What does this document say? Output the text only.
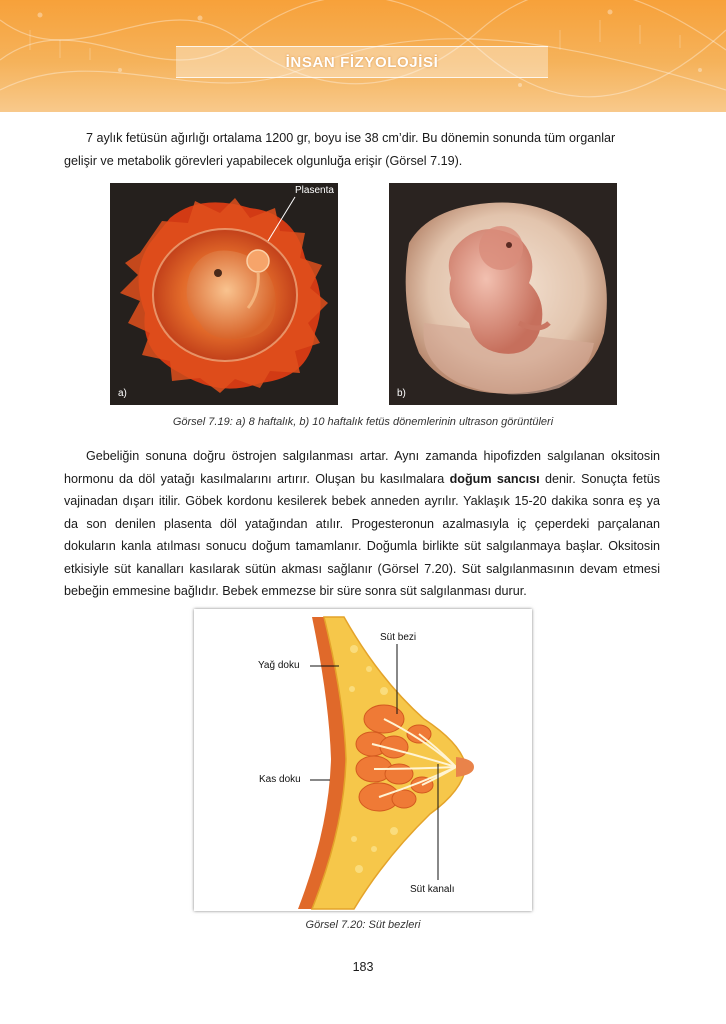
İNSAN FİZYOLOJİSİ

7 aylık fetüsün ağırlığı ortalama 1200 gr, boyu ise 38 cm’dir. Bu dönemin sonunda tüm organlar
gelişir ve metabolik görevleri yapabilecek olgunluğa erişir (Görsel 7.19).

Plasenta
a)	b)
Görsel 7.19: a) 8 haftalık, b) 10 haftalık fetüs dönemlerinin ultrason görüntüleri

Gebeliğin sonuna doğru östrojen salgılanması artar. Aynı zamanda hipofizden salgılanan oksitosin hormonu da döl yatağı kasılmalarını artırır. Oluşan bu kasılmalara doğum sancısı denir. Sonuçta fetüs vajinadan dışarı itilir. Göbek kordonu kesilerek bebek anneden ayrılır. Yaklaşık 15-20 dakika sonra eş ya da son denilen plasenta döl yatağından atılır. Progesteronun azalmasıyla iç çeperdeki parçalanan dokuların kanla atılması sonucu doğum tamamlanır. Doğumla birlikte süt salgılanmaya başlar. Oksitosin etkisiyle süt kanalları kasılarak sütün akması sağlanır (Görsel 7.20). Süt salgılanmasının devam etmesi bebeğin emmesine bağlıdır. Bebek emmezse bir süre sonra süt salgılanması durur.

Süt bezi
Yağ doku
Kas doku
Süt kanalı
Görsel 7.20: Süt bezleri
183
